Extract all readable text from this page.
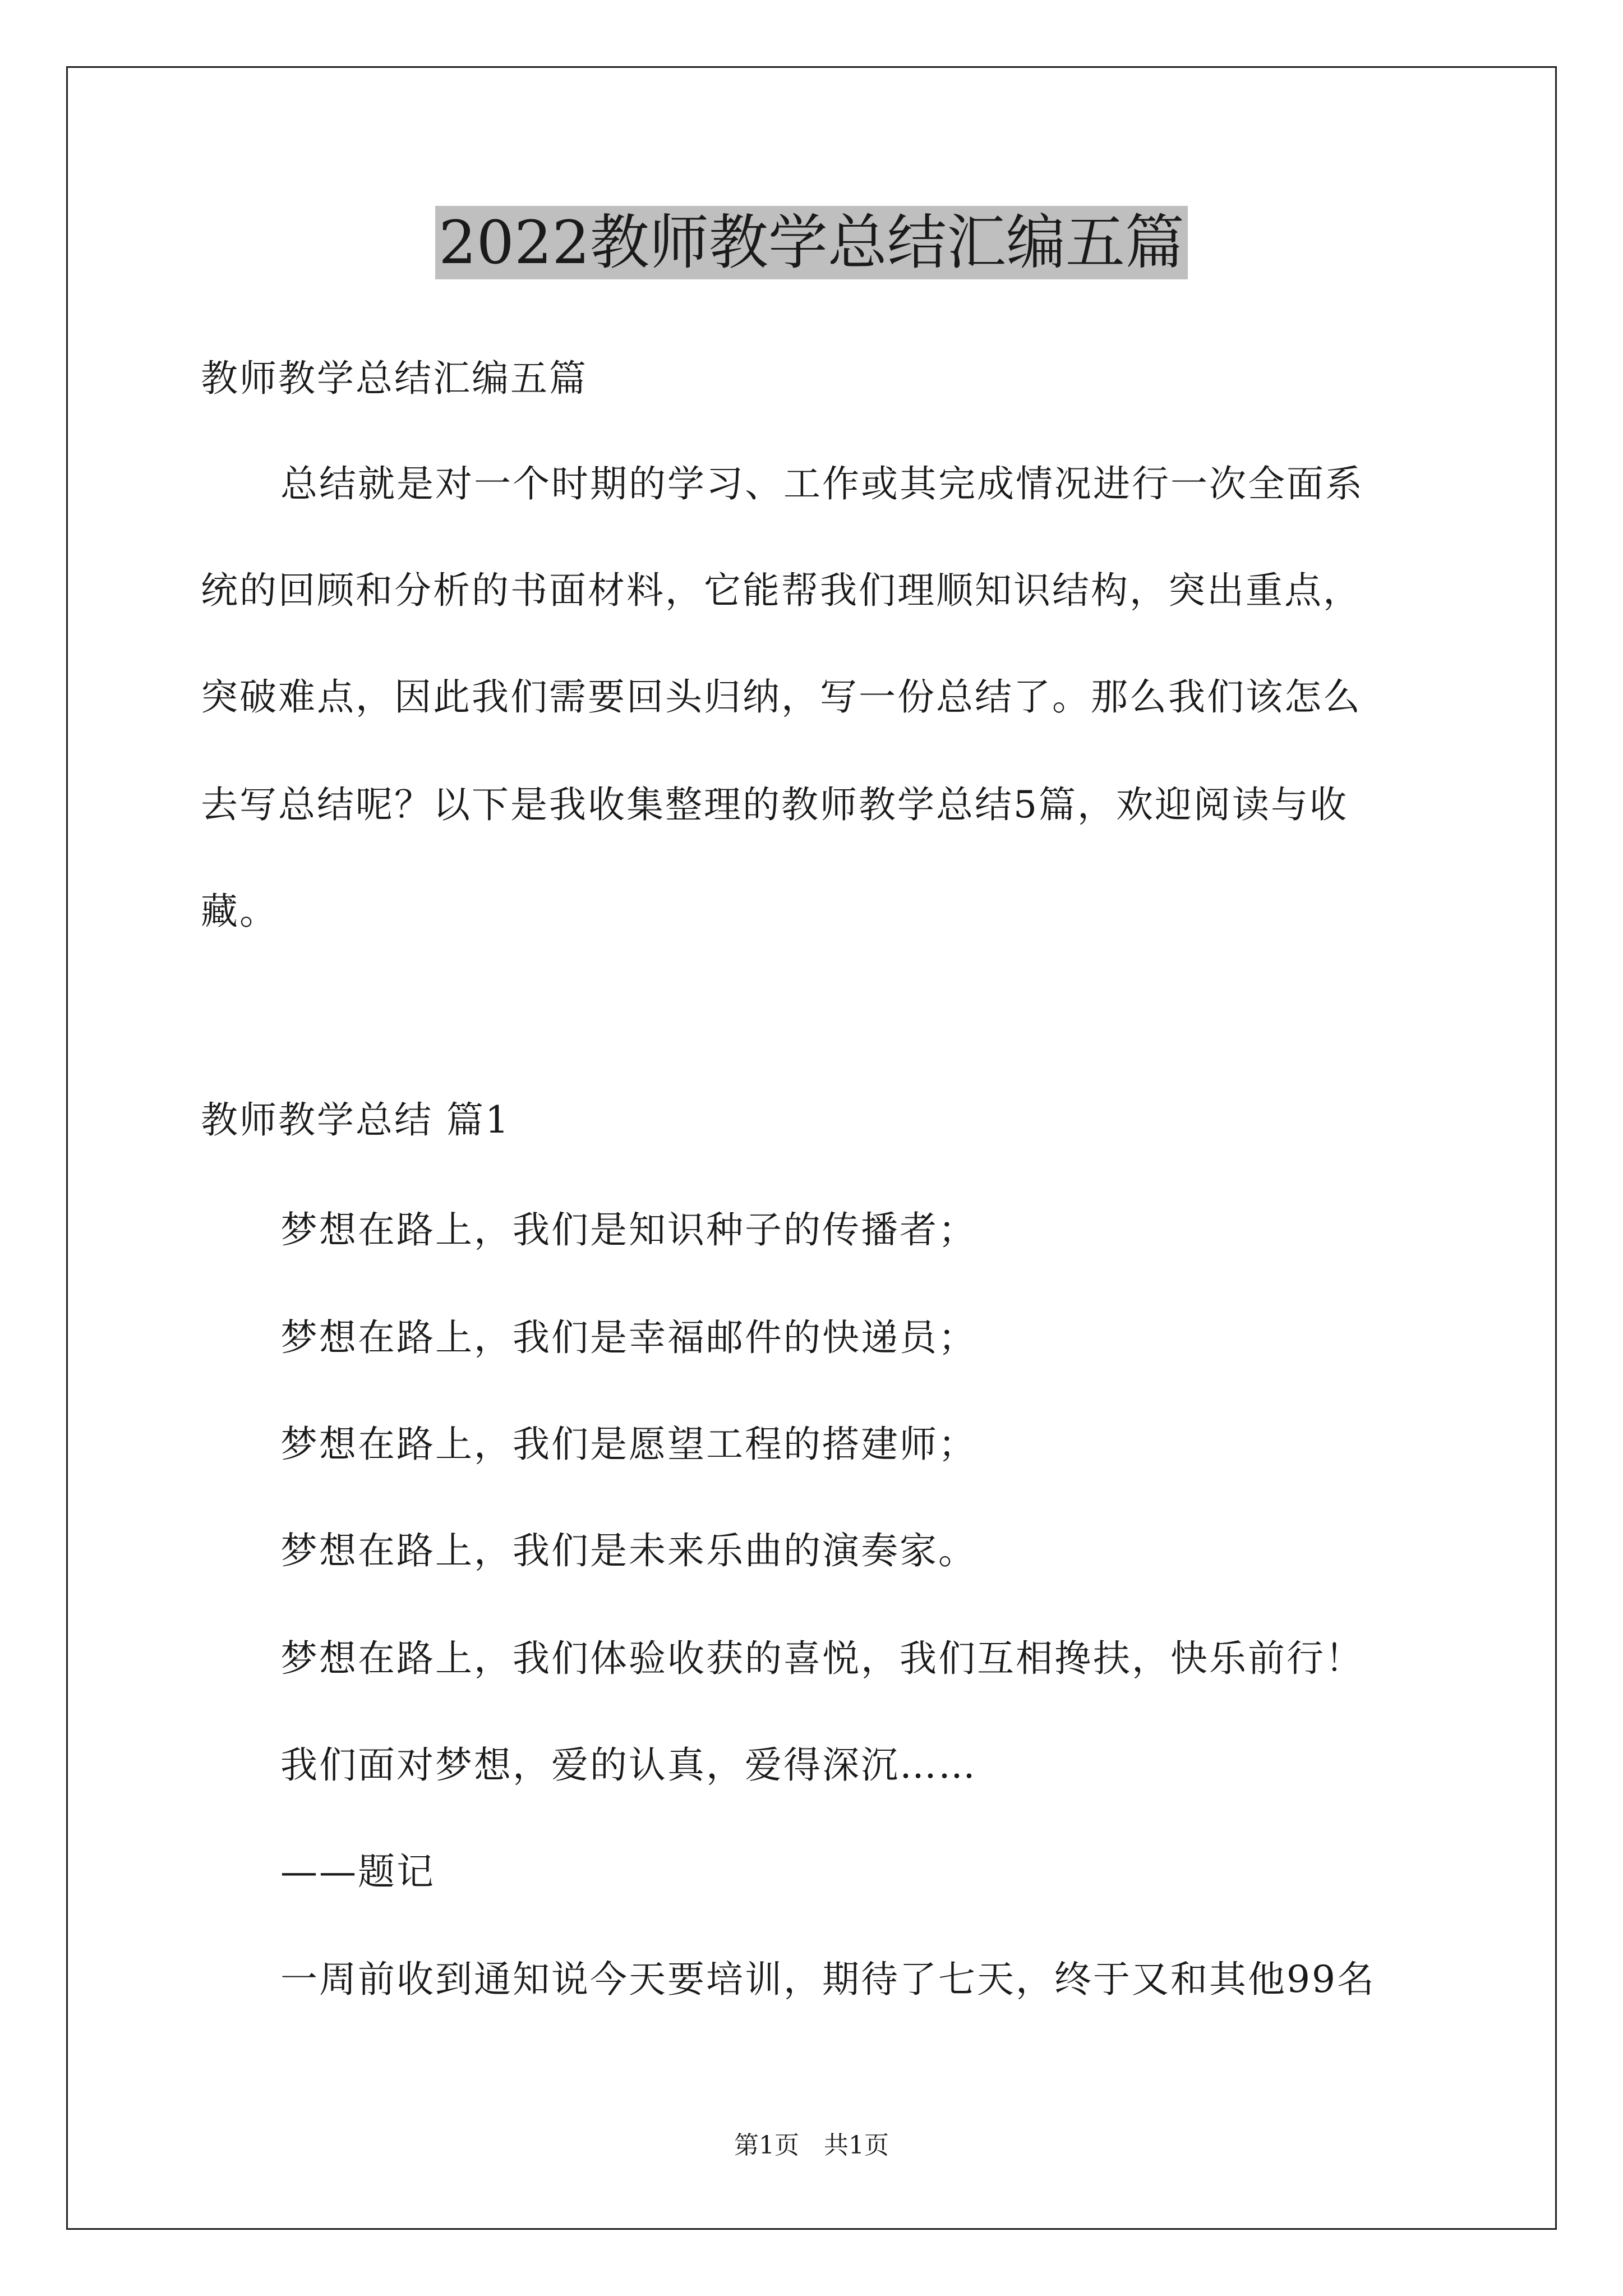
2022教师教学总结汇编五篇
教师教学总结汇编五篇
总结就是对一个时期的学习、工作或其完成情况进行一次全面系
统的回顾和分析的书面材料，它能帮我们理顺知识结构，突出重点，
突破难点，因此我们需要回头归纳，写一份总结了。那么我们该怎么
去写总结呢？以下是我收集整理的教师教学总结5篇，欢迎阅读与收
藏。
教师教学总结 篇1
梦想在路上，我们是知识种子的传播者；
梦想在路上，我们是幸福邮件的快递员；
梦想在路上，我们是愿望工程的搭建师；
梦想在路上，我们是未来乐曲的演奏家。
梦想在路上，我们体验收获的喜悦，我们互相搀扶，快乐前行！
我们面对梦想，爱的认真，爱得深沉……
——题记
一周前收到通知说今天要培训，期待了七天，终于又和其他99名
第1页　共1页
